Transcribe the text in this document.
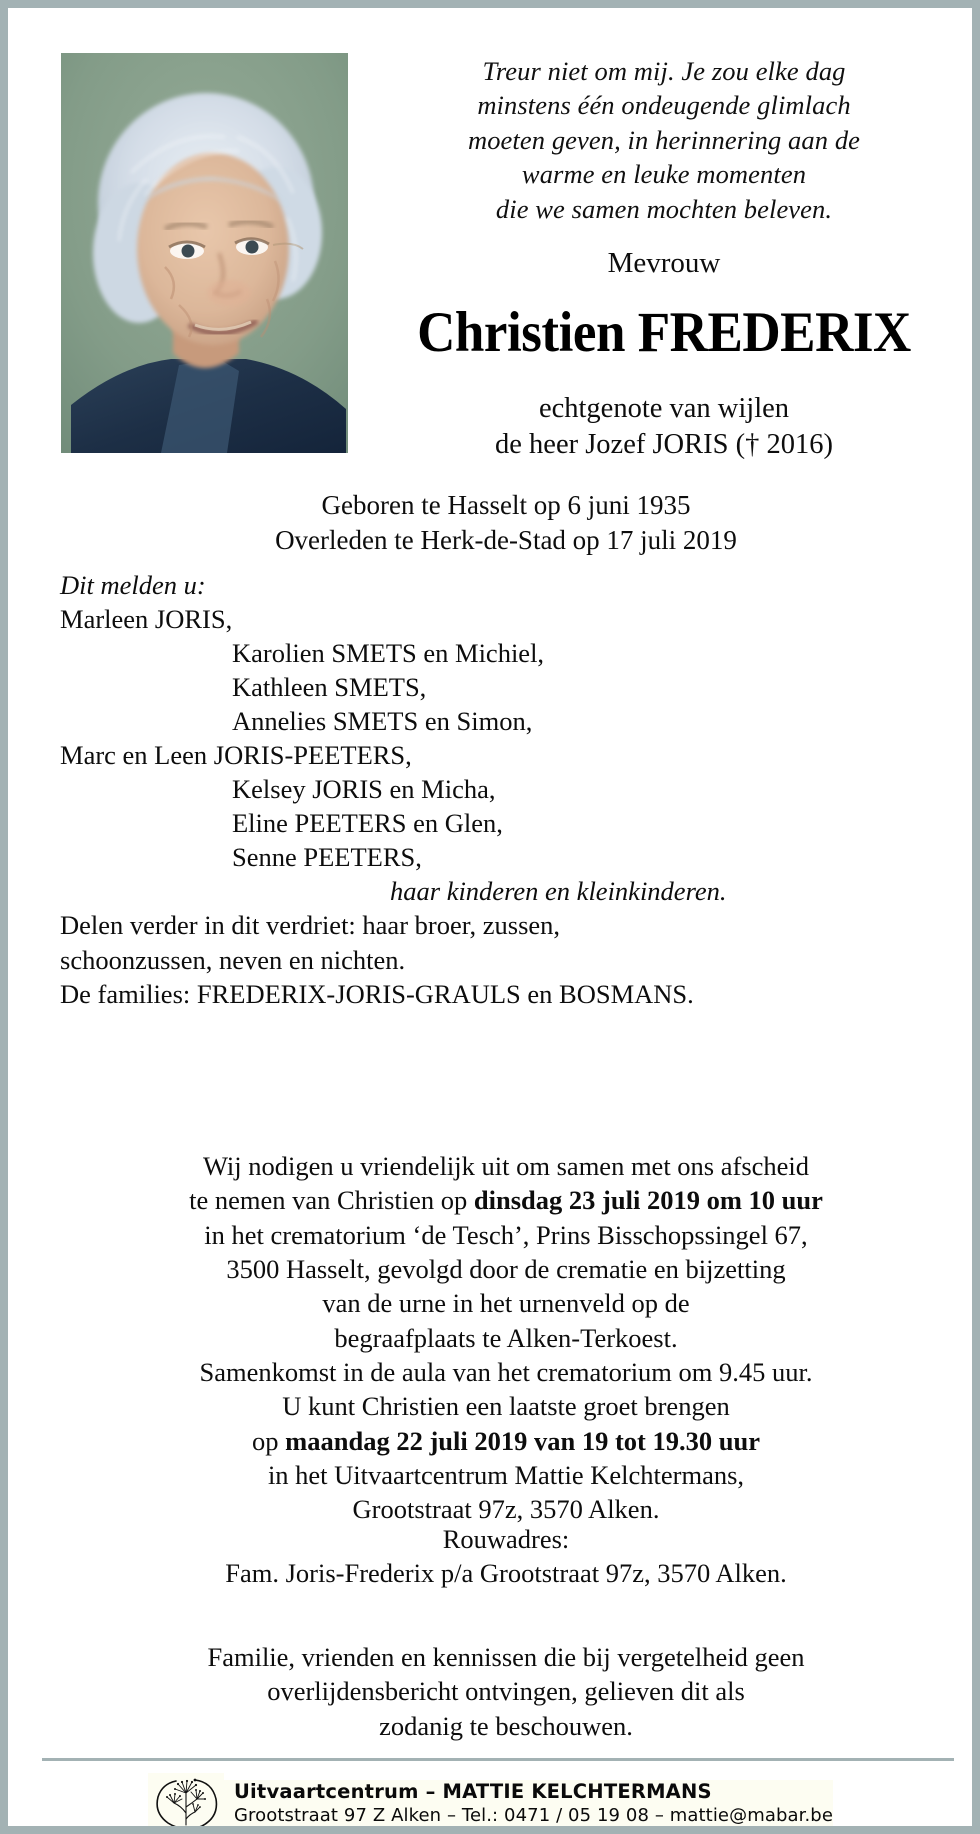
Treur niet om mij. Je zou elke dag
minstens één ondeugende glimlach
moeten geven, in herinnering aan de
warme en leuke momenten
die we samen mochten beleven.
Mevrouw
Christien FREDERIX
echtgenote van wijlen
de heer Jozef JORIS († 2016)
Geboren te Hasselt op 6 juni 1935
Overleden te Herk-de-Stad op 17 juli 2019
Dit melden u:
Marleen JORIS,
Karolien SMETS en Michiel,
Kathleen SMETS,
Annelies SMETS en Simon,
Marc en Leen JORIS-PEETERS,
Kelsey JORIS en Micha,
Eline PEETERS en Glen,
Senne PEETERS,
haar kinderen en kleinkinderen.
Delen verder in dit verdriet: haar broer, zussen,
schoonzussen, neven en nichten.
De families: FREDERIX-JORIS-GRAULS en BOSMANS.
Wij nodigen u vriendelijk uit om samen met ons afscheid
te nemen van Christien op dinsdag 23 juli 2019 om 10 uur
in het crematorium ‘de Tesch’, Prins Bisschopssingel 67,
3500 Hasselt, gevolgd door de crematie en bijzetting
van de urne in het urnenveld op de
begraafplaats te Alken-Terkoest.
Samenkomst in de aula van het crematorium om 9.45 uur.
U kunt Christien een laatste groet brengen
op maandag 22 juli 2019 van 19 tot 19.30 uur
in het Uitvaartcentrum Mattie Kelchtermans,
Grootstraat 97z, 3570 Alken.
Rouwadres:
Fam. Joris-Frederix p/a Grootstraat 97z, 3570 Alken.
Familie, vrienden en kennissen die bij vergetelheid geen
overlijdensbericht ontvingen, gelieven dit als
zodanig te beschouwen.
Uitvaartcentrum – MATTIE KELCHTERMANS
Grootstraat 97 Z Alken – Tel.: 0471 / 05 19 08 – mattie@mabar.be
